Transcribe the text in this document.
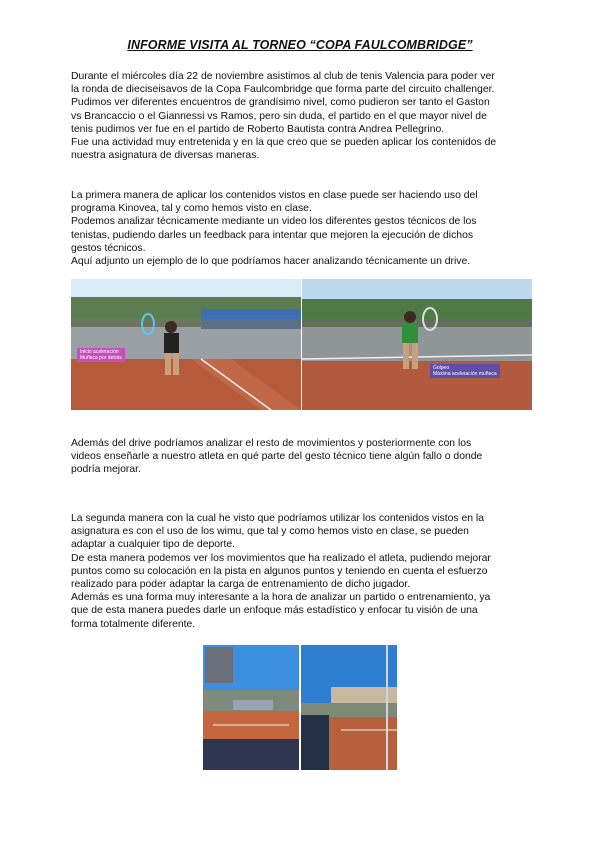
INFORME VISITA AL TORNEO “COPA FAULCOMBRIDGE”

Durante el miércoles día 22 de noviembre asistimos al club de tenis Valencia para poder ver
la ronda de dieciseisavos de la Copa Faulcombridge que forma parte del circuito challenger.
Pudimos ver diferentes encuentros de grandísimo nivel, como pudieron ser tanto el Gaston
vs Brancaccio o el Giannessi vs Ramos, pero sin duda, el partido en el que mayor nivel de
tenis pudimos ver fue en el partido de Roberto Bautista contra Andrea Pellegrino.
Fue una actividad muy entretenida y en la que creo que se pueden aplicar los contenidos de
nuestra asignatura de diversas maneras.

La primera manera de aplicar los contenidos vistos en clase puede ser haciendo uso del
programa Kinovea, tal y como hemos visto en clase.
Podemos analizar técnicamente mediante un video los diferentes gestos técnicos de los
tenistas, pudiendo darles un feedback para intentar que mejoren la ejecución de dichos
gestos técnicos.
Aquí adjunto un ejemplo de lo que podríamos hacer analizando técnicamente un drive.

Inicio aceleración
Muñeca por detrás
Golpeo
Máxima aceleración muñeca

Además del drive podríamos analizar el resto de movimientos y posteriormente con los
videos enseñarle a nuestro atleta en qué parte del gesto técnico tiene algún fallo o donde
podría mejorar.

La segunda manera con la cual he visto que podríamos utilizar los contenidos vistos en la
asignatura es con el uso de los wimu, que tal y como hemos visto en clase, se pueden
adaptar a cualquier tipo de deporte.
De esta manera podemos ver los movimientos que ha realizado el atleta, pudiendo mejorar
puntos como su colocación en la pista en algunos puntos y teniendo en cuenta el esfuerzo
realizado para poder adaptar la carga de entrenamiento de dicho jugador.
Además es una forma muy interesante a la hora de analizar un partido o entrenamiento, ya
que de esta manera puedes darle un enfoque más estadístico y enfocar tu visión de una
forma totalmente diferente.
